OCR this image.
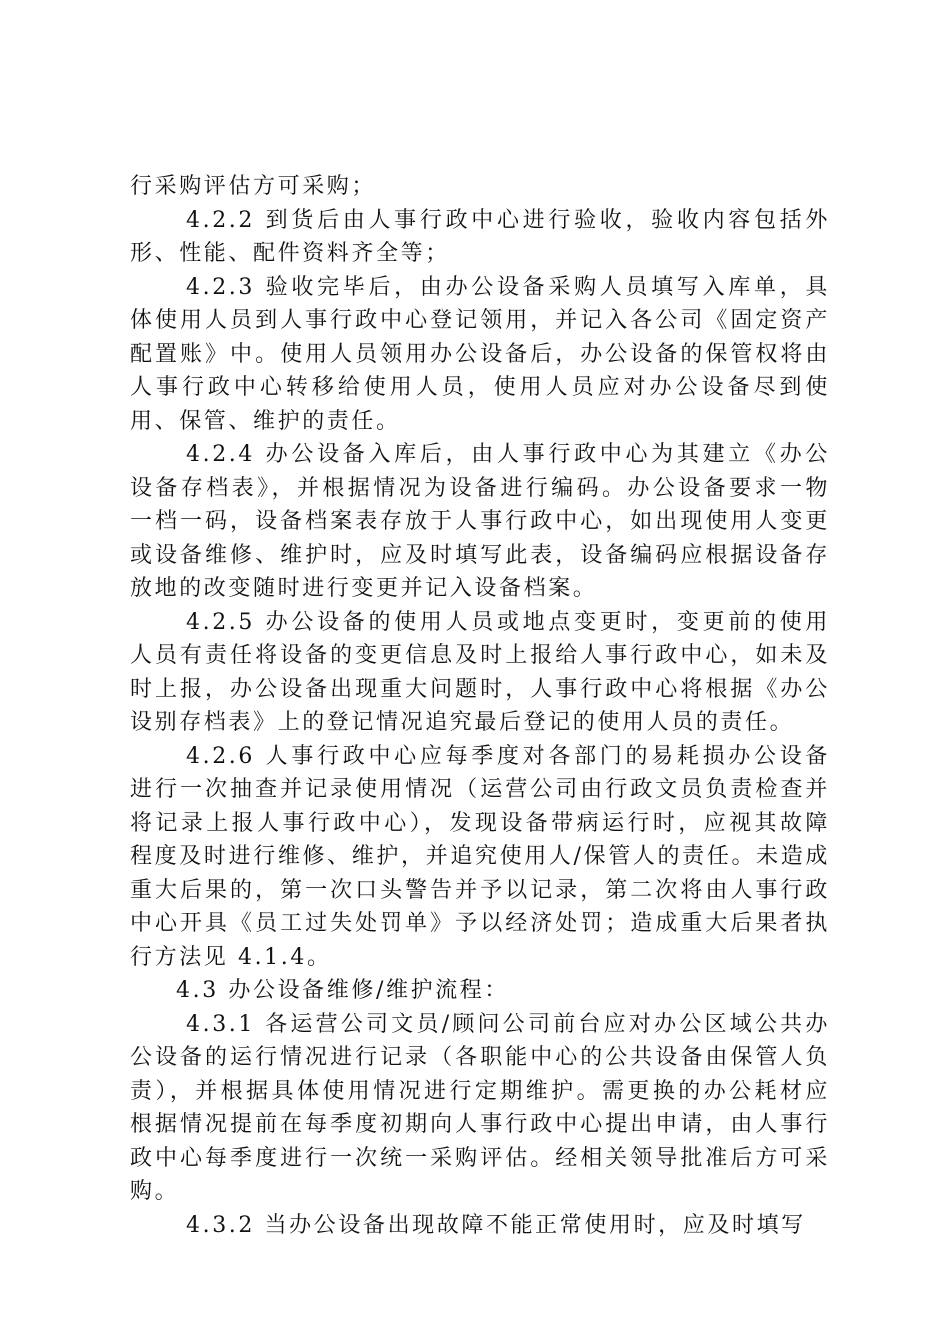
行采购评估方可采购；

4.2.2 到货后由人事行政中心进行验收，验收内容包括外形、性能、配件资料齐全等；

4.2.3 验收完毕后，由办公设备采购人员填写入库单，具体使用人员到人事行政中心登记领用，并记入各公司《固定资产配置账》中。使用人员领用办公设备后，办公设备的保管权将由人事行政中心转移给使用人员，使用人员应对办公设备尽到使用、保管、维护的责任。

4.2.4 办公设备入库后，由人事行政中心为其建立《办公设备存档表》，并根据情况为设备进行编码。办公设备要求一物一档一码，设备档案表存放于人事行政中心，如出现使用人变更或设备维修、维护时，应及时填写此表，设备编码应根据设备存放地的改变随时进行变更并记入设备档案。

4.2.5 办公设备的使用人员或地点变更时，变更前的使用人员有责任将设备的变更信息及时上报给人事行政中心，如未及时上报，办公设备出现重大问题时，人事行政中心将根据《办公设别存档表》上的登记情况追究最后登记的使用人员的责任。

4.2.6 人事行政中心应每季度对各部门的易耗损办公设备进行一次抽查并记录使用情况（运营公司由行政文员负责检查并将记录上报人事行政中心），发现设备带病运行时，应视其故障程度及时进行维修、维护，并追究使用人/保管人的责任。未造成重大后果的，第一次口头警告并予以记录，第二次将由人事行政中心开具《员工过失处罚单》予以经济处罚；造成重大后果者执行方法见 4.1.4。

4.3 办公设备维修/维护流程：

4.3.1 各运营公司文员/顾问公司前台应对办公区域公共办公设备的运行情况进行记录（各职能中心的公共设备由保管人负责），并根据具体使用情况进行定期维护。需更换的办公耗材应根据情况提前在每季度初期向人事行政中心提出申请，由人事行政中心每季度进行一次统一采购评估。经相关领导批准后方可采购。

4.3.2 当办公设备出现故障不能正常使用时，应及时填写
